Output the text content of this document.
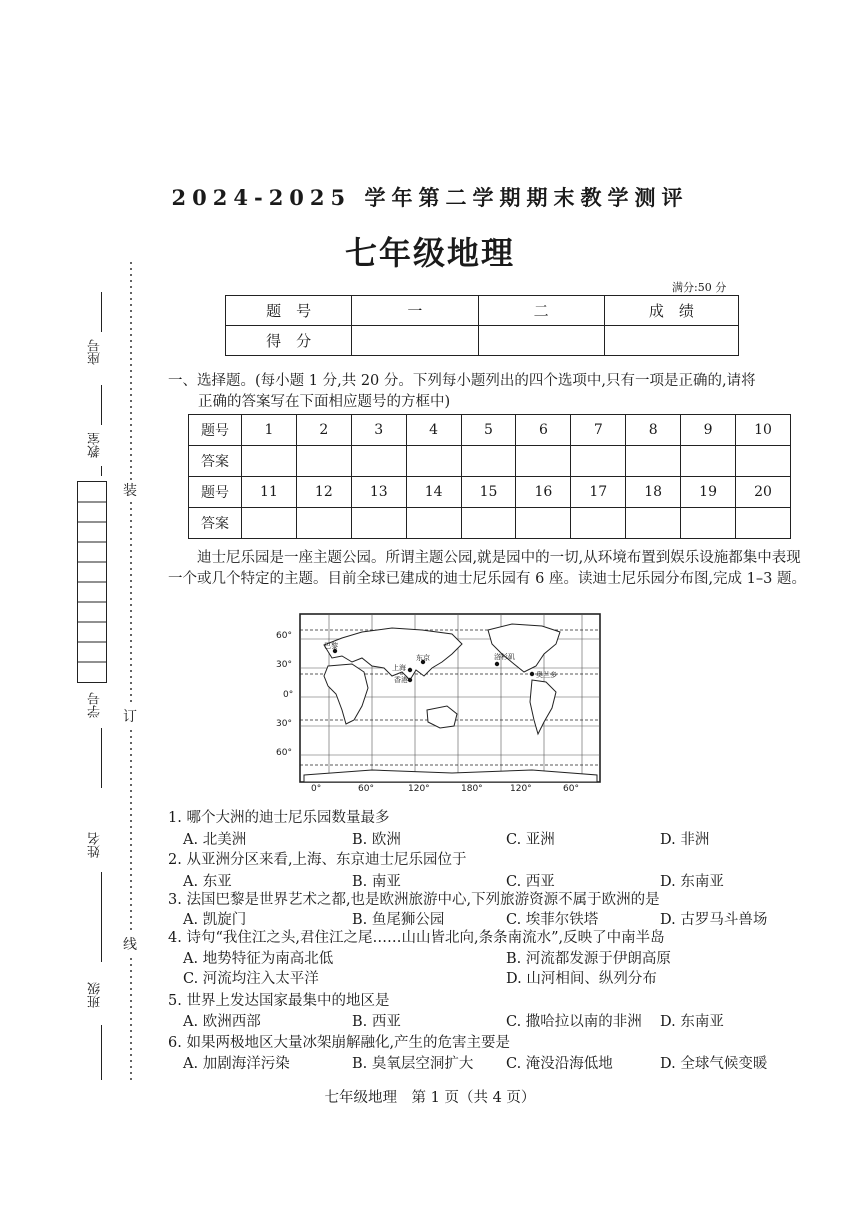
座号
教室
学号
姓名
班级
装
订
线
2024-2025 学年第二学期期末教学测评
七年级地理
满分:50 分
题　号	一	二	成　绩
得　分			
一、选择题。(每小题 1 分,共 20 分。下列每小题列出的四个选项中,只有一项是正确的,请将
正确的答案写在下面相应题号的方框中)
题号	1	2	3	4	5	6	7	8	9	10
答案										
题号	11	12	13	14	15	16	17	18	19	20
答案										
迪士尼乐园是一座主题公园。所谓主题公园,就是园中的一切,从环境布置到娱乐设施都集中表现一个或几个特定的主题。目前全球已建成的迪士尼乐园有 6 座。读迪士尼乐园分布图,完成 1–3 题。
巴黎
东京
上海
香港
洛杉矶
奥兰多
60°
30°
0°
30°
60°
0°	60°	120°	180°	120°	60°
1. 哪个大洲的迪士尼乐园数量最多
A. 北美洲	B. 欧洲	C. 亚洲	D. 非洲
2. 从亚洲分区来看,上海、东京迪士尼乐园位于
A. 东亚	B. 南亚	C. 西亚	D. 东南亚
3. 法国巴黎是世界艺术之都,也是欧洲旅游中心,下列旅游资源不属于欧洲的是
A. 凯旋门	B. 鱼尾狮公园	C. 埃菲尔铁塔	D. 古罗马斗兽场
4. 诗句“我住江之头,君住江之尾……山山皆北向,条条南流水”,反映了中南半岛
A. 地势特征为南高北低	B. 河流都发源于伊朗高原
C. 河流均注入太平洋	D. 山河相间、纵列分布
5. 世界上发达国家最集中的地区是
A. 欧洲西部	B. 西亚	C. 撒哈拉以南的非洲 D. 东南亚
6. 如果两极地区大量冰架崩解融化,产生的危害主要是
A. 加剧海洋污染	B. 臭氧层空洞扩大 C. 淹没沿海低地	D. 全球气候变暖
七年级地理　第 1 页（共 4 页）
